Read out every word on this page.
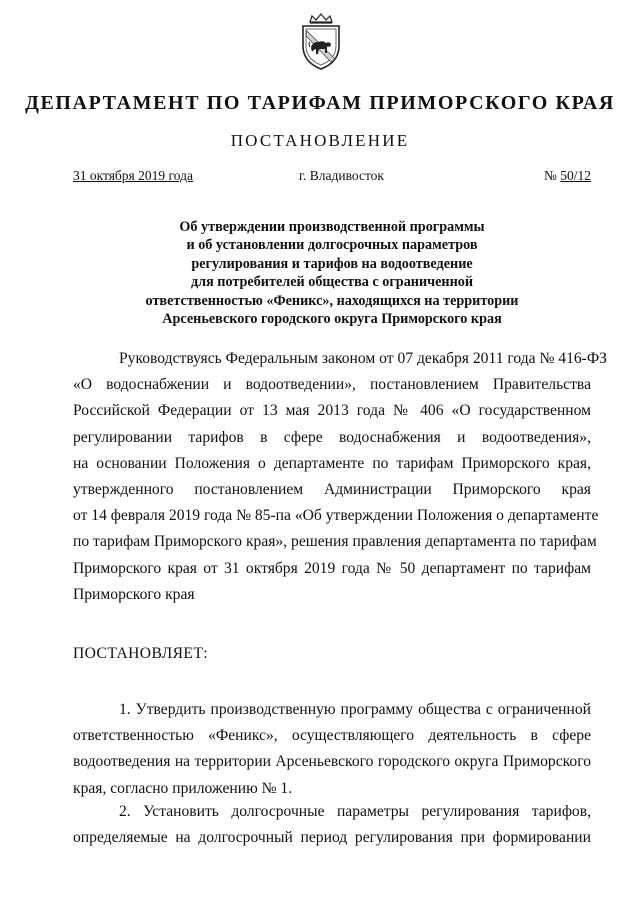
ДЕПАРТАМЕНТ ПО ТАРИФАМ ПРИМОРСКОГО КРАЯ
ПОСТАНОВЛЕНИЕ
31 октября 2019 года	г. Владивосток	№ 50/12
Об утверждении производственной программы
и об установлении долгосрочных параметров
регулирования и тарифов на водоотведение
для потребителей общества с ограниченной
ответственностью «Феникс», находящихся на территории
Арсеньевского городского округа Приморского края
Руководствуясь Федеральным законом от 07 декабря 2011 года № 416-ФЗ
«О водоснабжении и водоотведении», постановлением Правительства
Российской Федерации от 13 мая 2013 года № 406 «О государственном
регулировании тарифов в сфере водоснабжения и водоотведения»,
на основании Положения о департаменте по тарифам Приморского края,
утвержденного постановлением Администрации Приморского края
от 14 февраля 2019 года № 85-па «Об утверждении Положения о департаменте
по тарифам Приморского края», решения правления департамента по тарифам
Приморского края от 31 октября 2019 года № 50 департамент по тарифам
Приморского края
ПОСТАНОВЛЯЕТ:
1. Утвердить производственную программу общества с ограниченной
ответственностью «Феникс», осуществляющего деятельность в сфере
водоотведения на территории Арсеньевского городского округа Приморского
края, согласно приложению № 1.
2. Установить долгосрочные параметры регулирования тарифов,
определяемые на долгосрочный период регулирования при формировании
